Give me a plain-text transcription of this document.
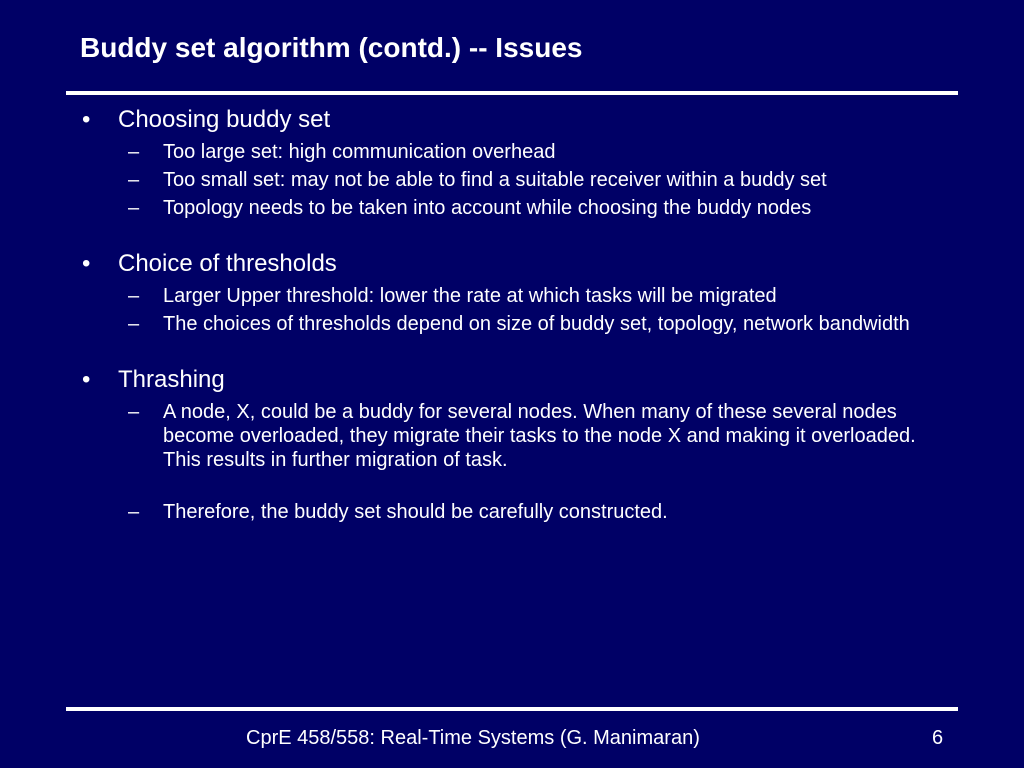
Buddy set algorithm (contd.) -- Issues
• Choosing buddy set
– Too large set: high communication overhead
– Too small set: may not be able to find a suitable receiver within a buddy set
– Topology needs to be taken into account while choosing the buddy nodes
• Choice of thresholds
– Larger Upper threshold: lower the rate at which tasks will be migrated
– The choices of thresholds depend on size of buddy set, topology, network bandwidth
• Thrashing
– A node, X, could be a buddy for several nodes. When many of these several nodes become overloaded, they migrate their tasks to the node X and making it overloaded. This results in further migration of task.
– Therefore, the buddy set should be carefully constructed.
CprE 458/558: Real-Time Systems (G. Manimaran)	6
